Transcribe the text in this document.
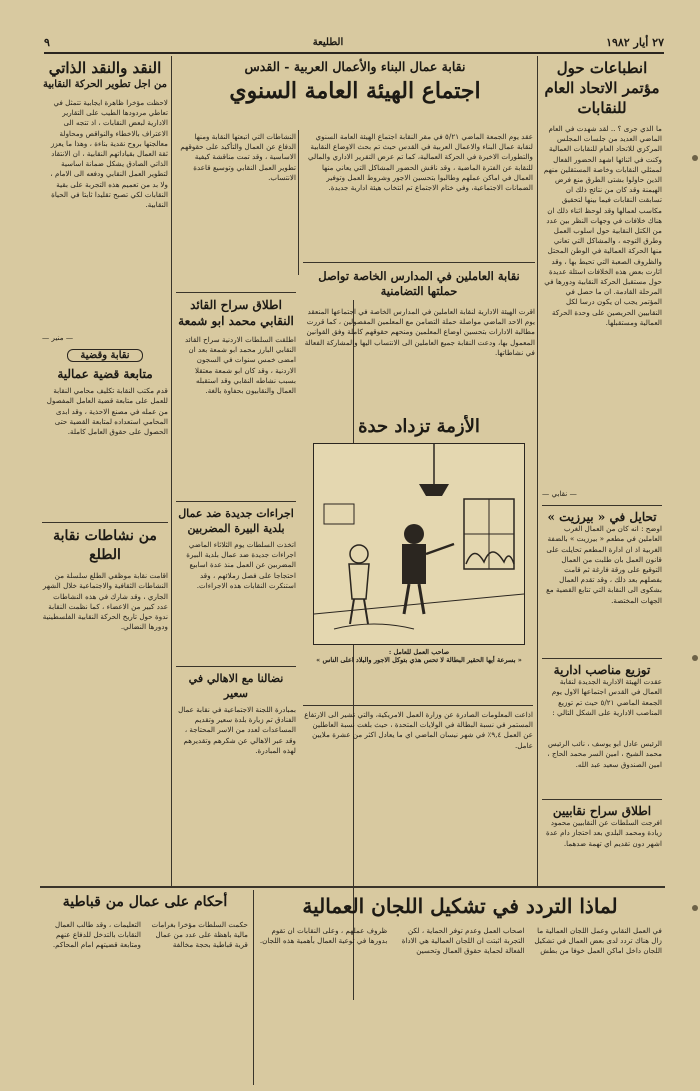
٩	الطليعة	٢٧ أيار ١٩٨٢
انطباعات حول مؤتمر الاتحاد العام للنقابات
ما الذي جرى ؟ .. لقد شهدت في العام الماضي العديد من جلسات المجلس المركزي للاتحاد العام للنقابات العمالية وكنت في اثنائها اشهد الحضور الفعال لممثلي النقابات وخاصة المستقلين منهم الذين حاولوا بشتى الطرق منع فرض الهيمنة وقد كان من نتائج ذلك ان تسابقت النقابات فيما بينها لتحقيق مكاسب لعمالها وقد لوحظ اثناء ذلك ان هناك خلافات في وجهات النظر بين عدد من الكتل النقابية حول اسلوب العمل وطرق التوجه ، والمشاكل التي تعاني منها الحركة العمالية في الوطن المحتل والظروف الصعبة التي تحيط بها ، وقد اثارت بعض هذه الخلافات اسئلة عديدة حول مستقبل الحركة النقابية ودورها في المرحلة القادمة. ان ما حصل في المؤتمر يجب ان يكون درسا لكل النقابيين الحريصين على وحدة الحركة العمالية ومستقبلها.
— نقابي —
تحايل في « بيرزيت »
اوضح : انه كان من العمال الغرب العاملين في مطعم « بيرزيت » بالضفة الغربية اذ ان ادارة المطعم تحايلت على قانون العمل بان طلبت من العمال التوقيع على ورقة فارغة ثم قامت بفصلهم بعد ذلك ، وقد تقدم العمال بشكوى الى النقابة التي تتابع القضية مع الجهات المختصة.
توزيع مناصب ادارية
عقدت الهيئة الادارية الجديدة لنقابة العمال في القدس اجتماعها الاول يوم الجمعة الماضي ٥/٢١ حيث تم توزيع المناصب الادارية على الشكل التالي :
الرئيس عادل ابو يوسف ، نائب الرئيس محمد الشيخ ، امين السر محمد الحاج ، امين الصندوق سعيد عبد الله.
اطلاق سراح نقابيين
افرجت السلطات عن النقابيين محمود زيادة ومحمد البلدي بعد احتجاز دام عدة اشهر دون تقديم اي تهمة ضدهما.
نقابة عمال البناء والأعمال العربية - القدس
اجتماع الهيئة العامة السنوي
عقد يوم الجمعة الماضي ٥/٢١ في مقر النقابة اجتماع الهيئة العامة السنوي لنقابة عمال البناء والاعمال العربية في القدس حيث تم بحث الاوضاع النقابية والتطورات الاخيرة في الحركة العمالية، كما تم عرض التقرير الاداري والمالي للنقابة عن الفترة الماضية ، وقد ناقش الحضور المشاكل التي يعاني منها العمال في اماكن عملهم وطالبوا بتحسين الاجور وشروط العمل وتوفير الضمانات الاجتماعية، وفي ختام الاجتماع تم انتخاب هيئة ادارية جديدة.
نقابة العاملين في المدارس الخاصة تواصل حملتها التضامنية
اقرت الهيئة الادارية لنقابة العاملين في المدارس الخاصة في اجتماعها المنعقد يوم الاحد الماضي مواصلة حملة التضامن مع المعلمين المفصولين ، كما قررت مطالبة الادارات بتحسين اوضاع المعلمين ومنحهم حقوقهم كاملة وفق القوانين المعمول بها، ودعت النقابة جميع العاملين الى الانتساب اليها والمشاركة الفعالة في نشاطاتها.
الأزمة تزداد حدة
صاحب العمل للعامل :
« بسرعة أيها الحقير البطالة لا تحس هذي بتوكل الاجور والبلاد اعلى الناس »
اذاعت المعلومات الصادرة عن وزارة العمل الامريكية، والتي تشير الى الارتفاع المستمر في نسبة البطالة في الولايات المتحدة ، حيث بلغت نسبة العاطلين عن العمل ٩,٤٪ في شهر نيسان الماضي اي ما يعادل اكثر من عشرة ملايين عامل.
النشاطات التي اتبعتها النقابة ومنها الدفاع عن العمال والتأكيد على حقوقهم الاساسية ، وقد تمت مناقشة كيفية تطوير العمل النقابي وتوسيع قاعدة الانتساب.
اطلاق سراح القائد النقابي محمد ابو شمعة
اطلقت السلطات الاردنية سراح القائد النقابي البارز محمد ابو شمعة بعد ان امضى خمس سنوات في السجون الاردنية ، وقد كان ابو شمعة معتقلا بسبب نشاطه النقابي وقد استقبله العمال والنقابيون بحفاوة بالغة.
اجراءات جديدة ضد عمال بلدية البيرة المضربين
اتخذت السلطات يوم الثلاثاء الماضي اجراءات جديدة ضد عمال بلدية البيرة المضربين عن العمل منذ عدة اسابيع احتجاجا على فصل زملائهم ، وقد استنكرت النقابات هذه الاجراءات.
نضالنا مع الاهالي في سعير
بمبادرة اللجنة الاجتماعية في نقابة عمال الفنادق تم زيارة بلدة سعير وتقديم المساعدات لعدد من الاسر المحتاجة ، وقد عبر الاهالي عن شكرهم وتقديرهم لهذه المبادرة.
النقد والنقد الذاتي
من اجل تطوير الحركة النقابية
لاحظت مؤخرا ظاهرة ايجابية تتمثل في تعاطي مردودها الطيب على التقارير الادارية لبعض النقابات ، اذ تتجه الى الاعتراف بالاخطاء والنواقص ومحاولة معالجتها بروح نقدية بناءة ، وهذا ما يعزز ثقة العمال بقياداتهم النقابية ، ان الانتقاد الذاتي الصادق يشكل ضمانة اساسية لتطوير العمل النقابي ودفعه الى الامام ، ولا بد من تعميم هذه التجربة على بقية النقابات لكي تصبح تقليدا ثابتا في الحياة النقابية.
— منير —
نقابة وقضية
متابعة قضية عمالية
قدم مكتب النقابة تكليف محامي النقابة للعمل على متابعة قضية العامل المفصول من عمله في مصنع الاحذية ، وقد ابدى المحامي استعداده لمتابعة القضية حتى الحصول على حقوق العامل كاملة.
من نشاطات نقابة الطلع
اقامت نقابة موظفي الطلع سلسلة من النشاطات الثقافية والاجتماعية خلال الشهر الجاري ، وقد شارك في هذه النشاطات عدد كبير من الاعضاء ، كما نظمت النقابة ندوة حول تاريخ الحركة النقابية الفلسطينية ودورها النضالي.
لماذا التردد في تشكيل اللجان العمالية
في العمل النقابي وعمل اللجان العمالية ما زال هناك تردد لدى بعض العمال في تشكيل اللجان داخل اماكن العمل خوفا من بطش اصحاب العمل وعدم توفر الحماية ، لكن التجربة اثبتت ان اللجان العمالية هي الاداة الفعالة لحماية حقوق العمال وتحسين ظروف عملهم ، وعلى النقابات ان تقوم بدورها في توعية العمال بأهمية هذه اللجان.
أحكام على عمال من قباطية
حكمت السلطات مؤخرا بغرامات مالية باهظة على عدد من عمال قرية قباطية بحجة مخالفة التعليمات ، وقد طالب العمال النقابات بالتدخل للدفاع عنهم ومتابعة قضيتهم امام المحاكم.
